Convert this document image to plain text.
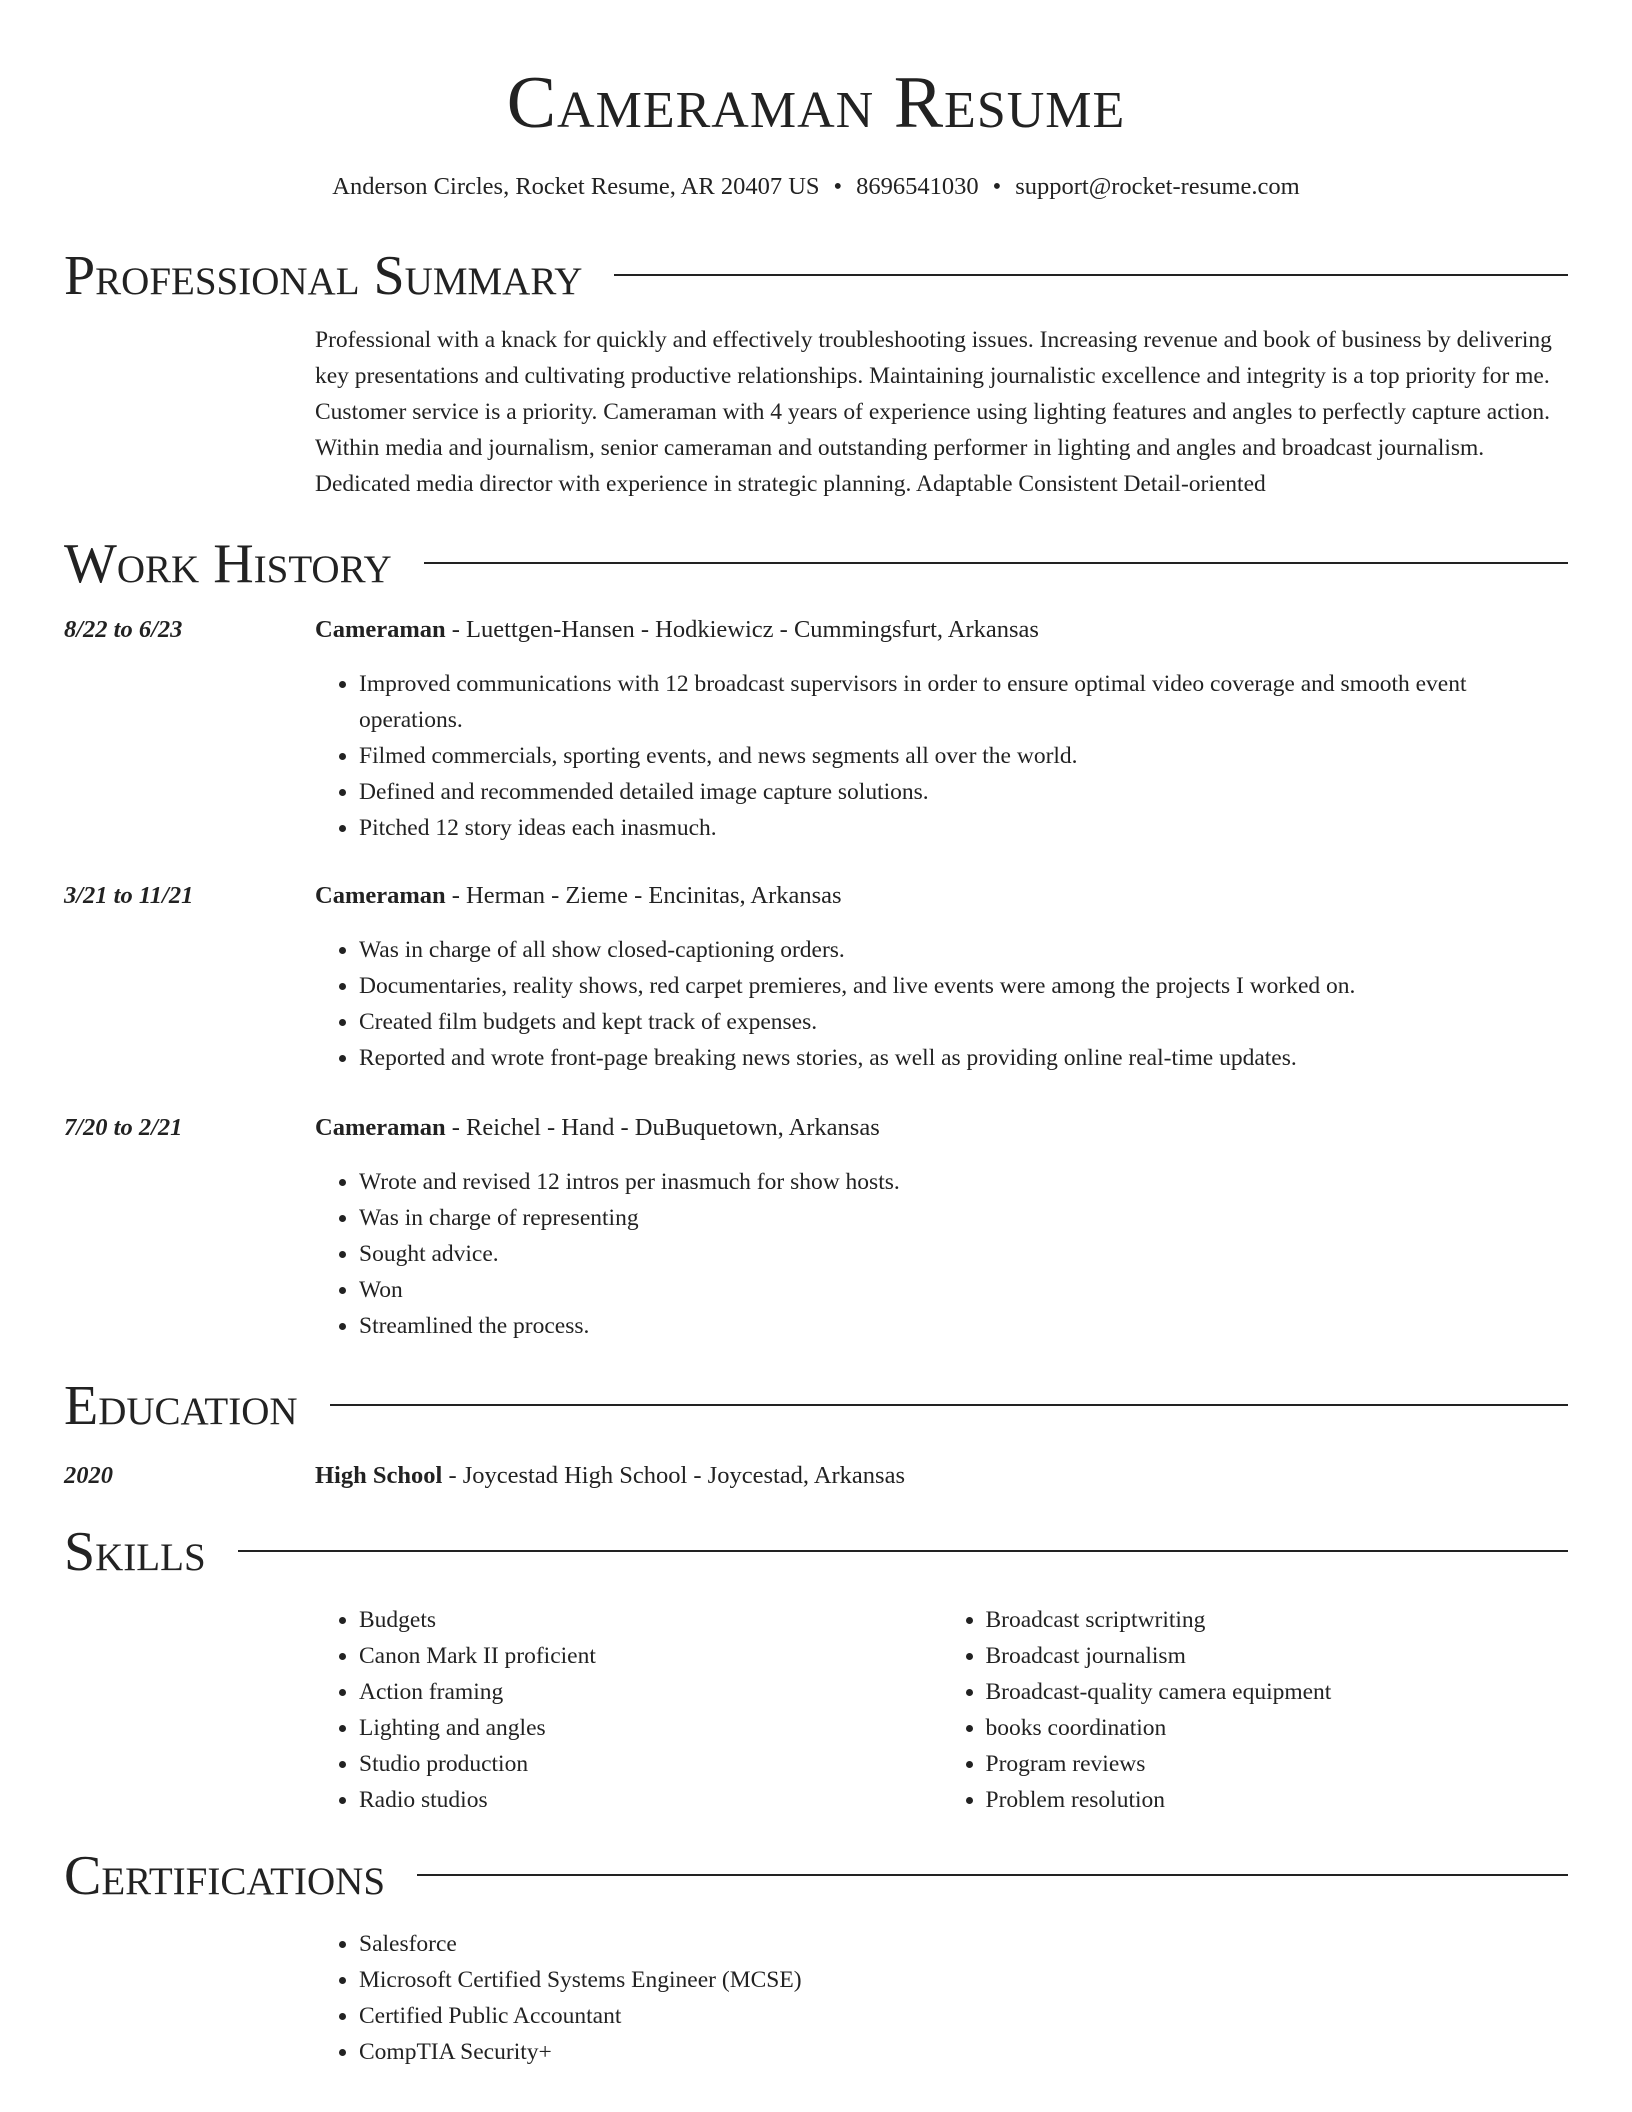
Cameraman Resume
Anderson Circles, Rocket Resume, AR 20407 US • 8696541030 • support@rocket-resume.com
Professional Summary
Professional with a knack for quickly and effectively troubleshooting issues. Increasing revenue and book of business by delivering key presentations and cultivating productive relationships. Maintaining journalistic excellence and integrity is a top priority for me. Customer service is a priority. Cameraman with 4 years of experience using lighting features and angles to perfectly capture action. Within media and journalism, senior cameraman and outstanding performer in lighting and angles and broadcast journalism. Dedicated media director with experience in strategic planning. Adaptable Consistent Detail-oriented
Work History
8/22 to 6/23	Cameraman - Luettgen-Hansen - Hodkiewicz - Cummingsfurt, Arkansas
• Improved communications with 12 broadcast supervisors in order to ensure optimal video coverage and smooth event operations.
• Filmed commercials, sporting events, and news segments all over the world.
• Defined and recommended detailed image capture solutions.
• Pitched 12 story ideas each inasmuch.
3/21 to 11/21	Cameraman - Herman - Zieme - Encinitas, Arkansas
• Was in charge of all show closed-captioning orders.
• Documentaries, reality shows, red carpet premieres, and live events were among the projects I worked on.
• Created film budgets and kept track of expenses.
• Reported and wrote front-page breaking news stories, as well as providing online real-time updates.
7/20 to 2/21	Cameraman - Reichel - Hand - DuBuquetown, Arkansas
• Wrote and revised 12 intros per inasmuch for show hosts.
• Was in charge of representing
• Sought advice.
• Won
• Streamlined the process.
Education
2020	High School - Joycestad High School - Joycestad, Arkansas
Skills
• Budgets
• Canon Mark II proficient
• Action framing
• Lighting and angles
• Studio production
• Radio studios
• Broadcast scriptwriting
• Broadcast journalism
• Broadcast-quality camera equipment
• books coordination
• Program reviews
• Problem resolution
Certifications
• Salesforce
• Microsoft Certified Systems Engineer (MCSE)
• Certified Public Accountant
• CompTIA Security+
